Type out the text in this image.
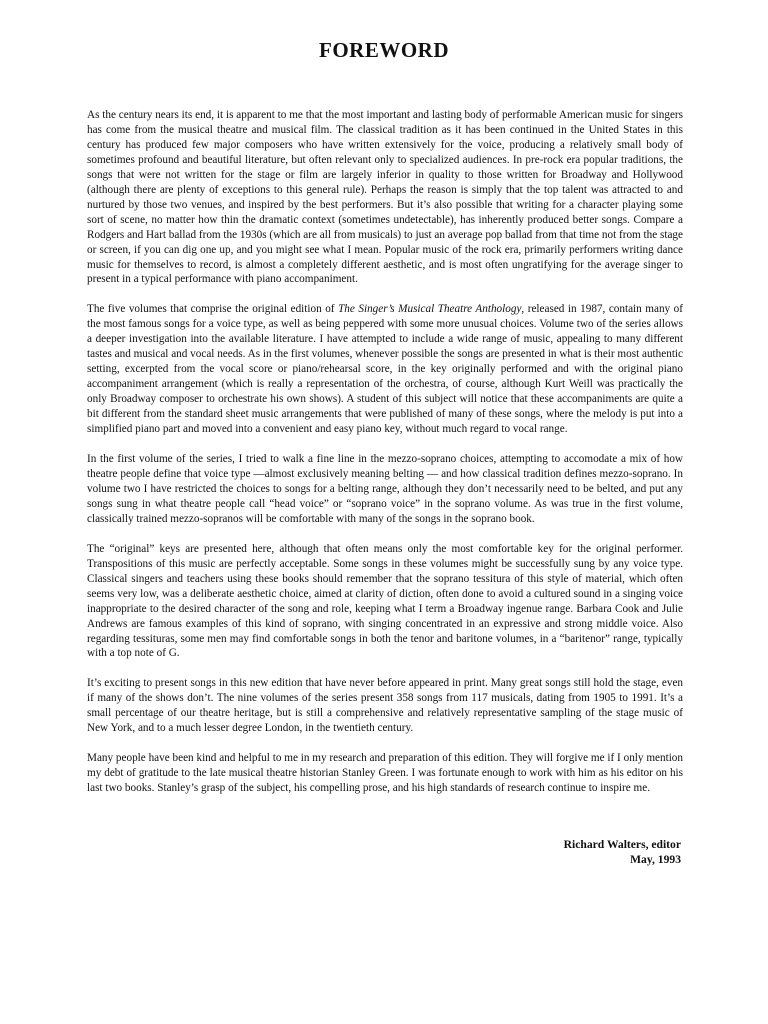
FOREWORD

As the century nears its end, it is apparent to me that the most important and lasting body of performable American music for singers has come from the musical theatre and musical film. The classical tradition as it has been continued in the United States in this century has produced few major composers who have written extensively for the voice, producing a relatively small body of sometimes profound and beautiful literature, but often relevant only to specialized audiences. In pre-rock era popular traditions, the songs that were not written for the stage or film are largely inferior in quality to those written for Broadway and Hollywood (although there are plenty of exceptions to this general rule). Perhaps the reason is simply that the top talent was attracted to and nurtured by those two venues, and inspired by the best performers. But it’s also possible that writing for a character playing some sort of scene, no matter how thin the dramatic context (sometimes undetectable), has inherently produced better songs. Compare a Rodgers and Hart ballad from the 1930s (which are all from musicals) to just an average pop ballad from that time not from the stage or screen, if you can dig one up, and you might see what I mean. Popular music of the rock era, primarily performers writing dance music for themselves to record, is almost a completely different aesthetic, and is most often ungratifying for the average singer to present in a typical performance with piano accompaniment.

The five volumes that comprise the original edition of The Singer’s Musical Theatre Anthology, released in 1987, contain many of the most famous songs for a voice type, as well as being peppered with some more unusual choices. Volume two of the series allows a deeper investigation into the available literature. I have attempted to include a wide range of music, appealing to many different tastes and musical and vocal needs. As in the first volumes, whenever possible the songs are presented in what is their most authentic setting, excerpted from the vocal score or piano/rehearsal score, in the key originally performed and with the original piano accompaniment arrangement (which is really a representation of the orchestra, of course, although Kurt Weill was practically the only Broadway composer to orchestrate his own shows). A student of this subject will notice that these accompaniments are quite a bit different from the standard sheet music arrangements that were published of many of these songs, where the melody is put into a simplified piano part and moved into a convenient and easy piano key, without much regard to vocal range.

In the first volume of the series, I tried to walk a fine line in the mezzo-soprano choices, attempting to accomodate a mix of how theatre people define that voice type —almost exclusively meaning belting — and how classical tradition defines mezzo-soprano. In volume two I have restricted the choices to songs for a belting range, although they don’t necessarily need to be belted, and put any songs sung in what theatre people call “head voice” or “soprano voice” in the soprano volume. As was true in the first volume, classically trained mezzo-sopranos will be comfortable with many of the songs in the soprano book.

The “original” keys are presented here, although that often means only the most comfortable key for the original performer. Transpositions of this music are perfectly acceptable. Some songs in these volumes might be successfully sung by any voice type. Classical singers and teachers using these books should remember that the soprano tessitura of this style of material, which often seems very low, was a deliberate aesthetic choice, aimed at clarity of diction, often done to avoid a cultured sound in a singing voice inappropriate to the desired character of the song and role, keeping what I term a Broadway ingenue range. Barbara Cook and Julie Andrews are famous examples of this kind of soprano, with singing concentrated in an expressive and strong middle voice. Also regarding tessituras, some men may find comfortable songs in both the tenor and baritone volumes, in a “baritenor” range, typically with a top note of G.

It’s exciting to present songs in this new edition that have never before appeared in print. Many great songs still hold the stage, even if many of the shows don’t. The nine volumes of the series present 358 songs from 117 musicals, dating from 1905 to 1991. It’s a small percentage of our theatre heritage, but is still a comprehensive and relatively representative sampling of the stage music of New York, and to a much lesser degree London, in the twentieth century.

Many people have been kind and helpful to me in my research and preparation of this edition. They will forgive me if I only mention my debt of gratitude to the late musical theatre historian Stanley Green. I was fortunate enough to work with him as his editor on his last two books. Stanley’s grasp of the subject, his compelling prose, and his high standards of research continue to inspire me.

Richard Walters, editor
May, 1993
